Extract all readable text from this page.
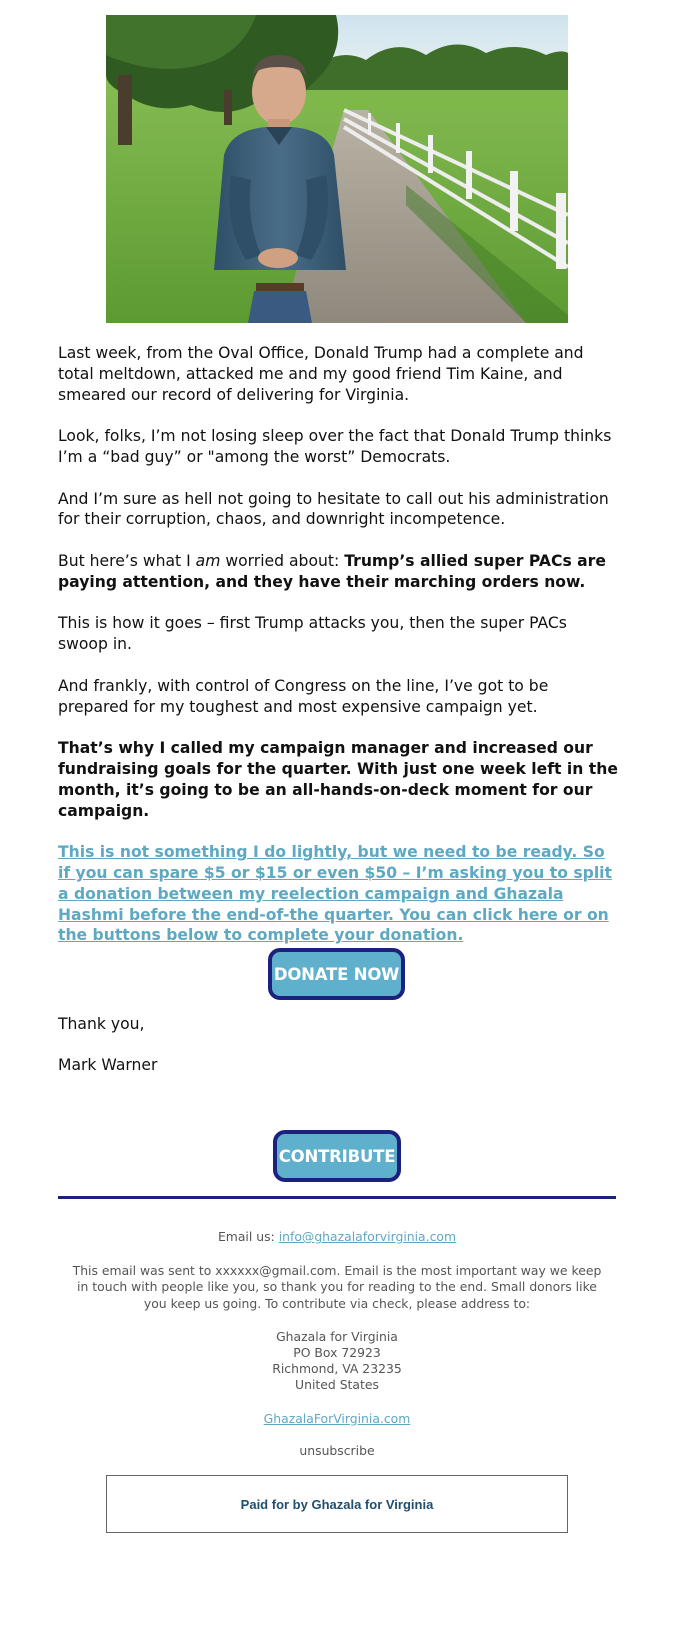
Last week, from the Oval Office, Donald Trump had a complete and total meltdown, attacked me and my good friend Tim Kaine, and smeared our record of delivering for Virginia.

Look, folks, I’m not losing sleep over the fact that Donald Trump thinks I’m a “bad guy” or "among the worst” Democrats.

And I’m sure as hell not going to hesitate to call out his administration for their corruption, chaos, and downright incompetence.

But here’s what I am worried about: Trump’s allied super PACs are paying attention, and they have their marching orders now.

This is how it goes – first Trump attacks you, then the super PACs swoop in.

And frankly, with control of Congress on the line, I’ve got to be prepared for my toughest and most expensive campaign yet.

That’s why I called my campaign manager and increased our fundraising goals for the quarter. With just one week left in the month, it’s going to be an all-hands-on-deck moment for our campaign.

This is not something I do lightly, but we need to be ready. So if you can spare $5 or $15 or even $50 – I’m asking you to split a donation between my reelection campaign and Ghazala Hashmi before the end-of-the quarter. You can click here or on the buttons below to complete your donation.

DONATE NOW

Thank you,

Mark Warner

CONTRIBUTE

Email us: info@ghazalaforvirginia.com

This email was sent to xxxxxx@gmail.com. Email is the most important way we keep in touch with people like you, so thank you for reading to the end. Small donors like you keep us going. To contribute via check, please address to:

Ghazala for Virginia

PO Box 72923

Richmond, VA 23235

United States

GhazalaForVirginia.com

unsubscribe

Paid for by Ghazala for Virginia
